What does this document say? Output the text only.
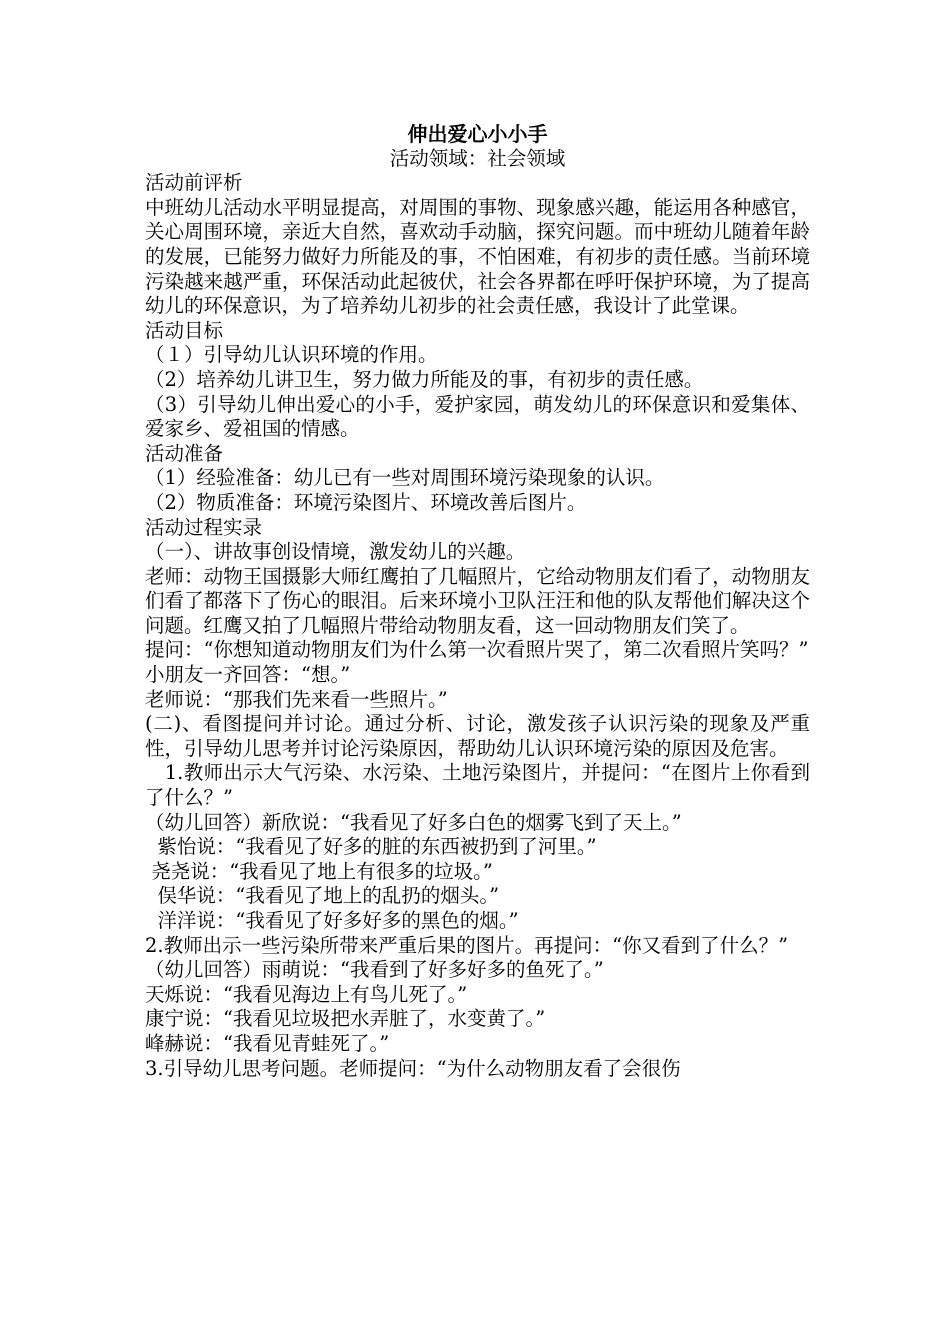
伸出爱心小小手

活动领域：社会领域

活动前评析

中班幼儿活动水平明显提高，对周围的事物、现象感兴趣，能运用各种感官，关心周围环境，亲近大自然，喜欢动手动脑，探究问题。而中班幼儿随着年龄的发展，已能努力做好力所能及的事，不怕困难，有初步的责任感。当前环境污染越来越严重，环保活动此起彼伏，社会各界都在呼吁保护环境，为了提高幼儿的环保意识，为了培养幼儿初步的社会责任感，我设计了此堂课。

活动目标

（１）引导幼儿认识环境的作用。

（2）培养幼儿讲卫生，努力做力所能及的事，有初步的责任感。

（3）引导幼儿伸出爱心的小手，爱护家园，萌发幼儿的环保意识和爱集体、爱家乡、爱祖国的情感。

活动准备

（1）经验准备：幼儿已有一些对周围环境污染现象的认识。

（2）物质准备：环境污染图片、环境改善后图片。

活动过程实录

（一）、讲故事创设情境，激发幼儿的兴趣。

老师：动物王国摄影大师红鹰拍了几幅照片，它给动物朋友们看了，动物朋友们看了都落下了伤心的眼泪。后来环境小卫队汪汪和他的队友帮他们解决这个问题。红鹰又拍了几幅照片带给动物朋友看，这一回动物朋友们笑了。

提问：“你想知道动物朋友们为什么第一次看照片哭了，第二次看照片笑吗？”

小朋友一齐回答：“想。”

老师说：“那我们先来看一些照片。”

(二)、看图提问并讨论。通过分析、讨论，激发孩子认识污染的现象及严重性，引导幼儿思考并讨论污染原因，帮助幼儿认识环境污染的原因及危害。

1.教师出示大气污染、水污染、土地污染图片，并提问：“在图片上你看到了什么？”

（幼儿回答）新欣说：“我看见了好多白色的烟雾飞到了天上。”

紫怡说：“我看见了好多的脏的东西被扔到了河里。”

尧尧说：“我看见了地上有很多的垃圾。”

俣华说：“我看见了地上的乱扔的烟头。”

洋洋说：“我看见了好多好多的黑色的烟。”

2.教师出示一些污染所带来严重后果的图片。再提问：“你又看到了什么？”

（幼儿回答）雨萌说：“我看到了好多好多的鱼死了。”

天烁说：“我看见海边上有鸟儿死了。”

康宁说：“我看见垃圾把水弄脏了，水变黄了。”

峰赫说：“我看见青蛙死了。”

3.引导幼儿思考问题。老师提问：“为什么动物朋友看了会很伤
